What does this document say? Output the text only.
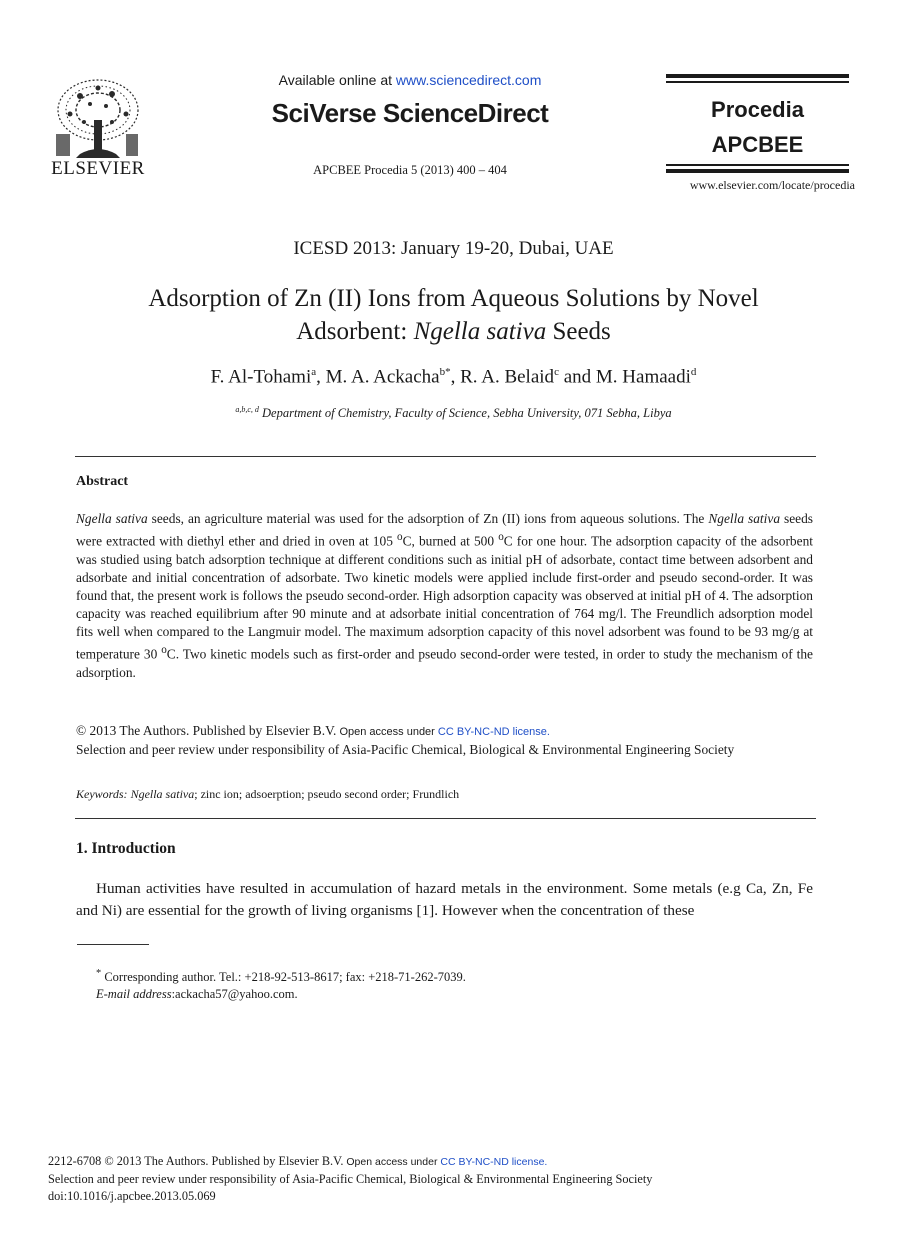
ELSEVIER
Available online at www.sciencedirect.com
SciVerse ScienceDirect
APCBEE Procedia 5 (2013) 400 – 404
Procedia
APCBEE
www.elsevier.com/locate/procedia
ICESD 2013: January 19-20, Dubai, UAE
Adsorption of Zn (II) Ions from Aqueous Solutions by Novel
Adsorbent: Ngella sativa Seeds
F. Al-Tohami$^a$, M. A. Ackacha$^{b*}$, R. A. Belaid$^c$ and M. Hamaadi$^d$
$^{a,b,c, d}$ Department of Chemistry, Faculty of Science, Sebha University, 071 Sebha, Libya
Abstract
Ngella sativa seeds, an agriculture material was used for the adsorption of Zn (II) ions from aqueous solutions. The Ngella sativa seeds were extracted with diethyl ether and dried in oven at 105 $^o$C, burned at 500 $^o$C for one hour. The adsorption capacity of the adsorbent was studied using batch adsorption technique at different conditions such as initial pH of adsorbate, contact time between adsorbent and adsorbate and initial concentration of adsorbate. Two kinetic models were applied include first-order and pseudo second-order. It was found that, the present work is follows the pseudo second-order. High adsorption capacity was observed at initial pH of 4. The adsorption capacity was reached equilibrium after 90 minute and at adsorbate initial concentration of 764 mg/l. The Freundlich adsorption model fits well when compared to the Langmuir model. The maximum adsorption capacity of this novel adsorbent was found to be 93 mg/g at temperature 30 $^o$C. Two kinetic models such as first-order and pseudo second-order were tested, in order to study the mechanism of the adsorption.
© 2013 The Authors. Published by Elsevier B.V. Open access under CC BY-NC-ND license.
Selection and peer review under responsibility of Asia-Pacific Chemical, Biological & Environmental Engineering Society
Keywords: Ngella sativa; zinc ion; adsoerption; pseudo second order; Frundlich
1. Introduction
Human activities have resulted in accumulation of hazard metals in the environment. Some metals (e.g Ca, Zn, Fe and Ni) are essential for the growth of living organisms [1]. However when the concentration of these
* Corresponding author. Tel.: +218-92-513-8617; fax: +218-71-262-7039.
E-mail address:ackacha57@yahoo.com.
2212-6708 © 2013 The Authors. Published by Elsevier B.V. Open access under CC BY-NC-ND license.
Selection and peer review under responsibility of Asia-Pacific Chemical, Biological & Environmental Engineering Society
doi:10.1016/j.apcbee.2013.05.069
